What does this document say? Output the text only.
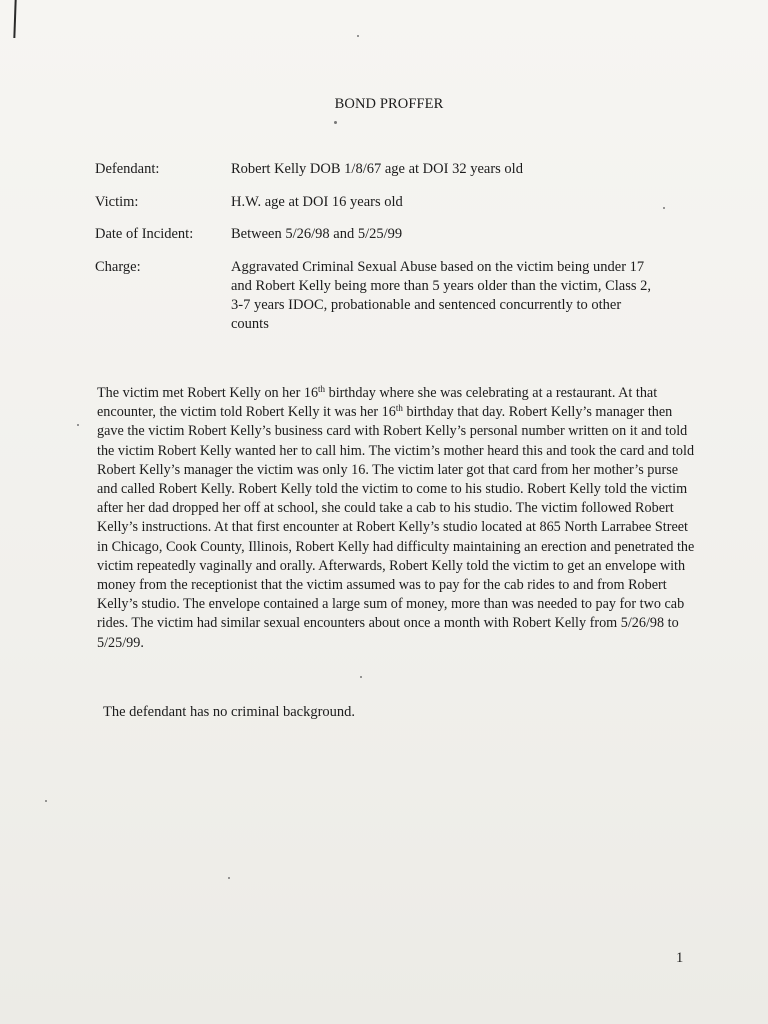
BOND PROFFER
Defendant:	Robert Kelly DOB 1/8/67 age at DOI 32 years old
Victim:	H.W. age at DOI 16 years old
Date of Incident:	Between 5/26/98 and 5/25/99
Charge:	Aggravated Criminal Sexual Abuse based on the victim being under 17 and Robert Kelly being more than 5 years older than the victim, Class 2, 3-7 years IDOC, probationable and sentenced concurrently to other counts
The victim met Robert Kelly on her 16th birthday where she was celebrating at a restaurant. At that
encounter, the victim told Robert Kelly it was her 16th birthday that day. Robert Kelly’s manager then
gave the victim Robert Kelly’s business card with Robert Kelly’s personal number written on it and told
the victim Robert Kelly wanted her to call him. The victim’s mother heard this and took the card and told
Robert Kelly’s manager the victim was only 16. The victim later got that card from her mother’s purse
and called Robert Kelly. Robert Kelly told the victim to come to his studio. Robert Kelly told the victim
after her dad dropped her off at school, she could take a cab to his studio. The victim followed Robert
Kelly’s instructions. At that first encounter at Robert Kelly’s studio located at 865 North Larrabee Street
in Chicago, Cook County, Illinois, Robert Kelly had difficulty maintaining an erection and penetrated the
victim repeatedly vaginally and orally. Afterwards, Robert Kelly told the victim to get an envelope with
money from the receptionist that the victim assumed was to pay for the cab rides to and from Robert
Kelly’s studio. The envelope contained a large sum of money, more than was needed to pay for two cab
rides. The victim had similar sexual encounters about once a month with Robert Kelly from 5/26/98 to
5/25/99.
The defendant has no criminal background.
1
